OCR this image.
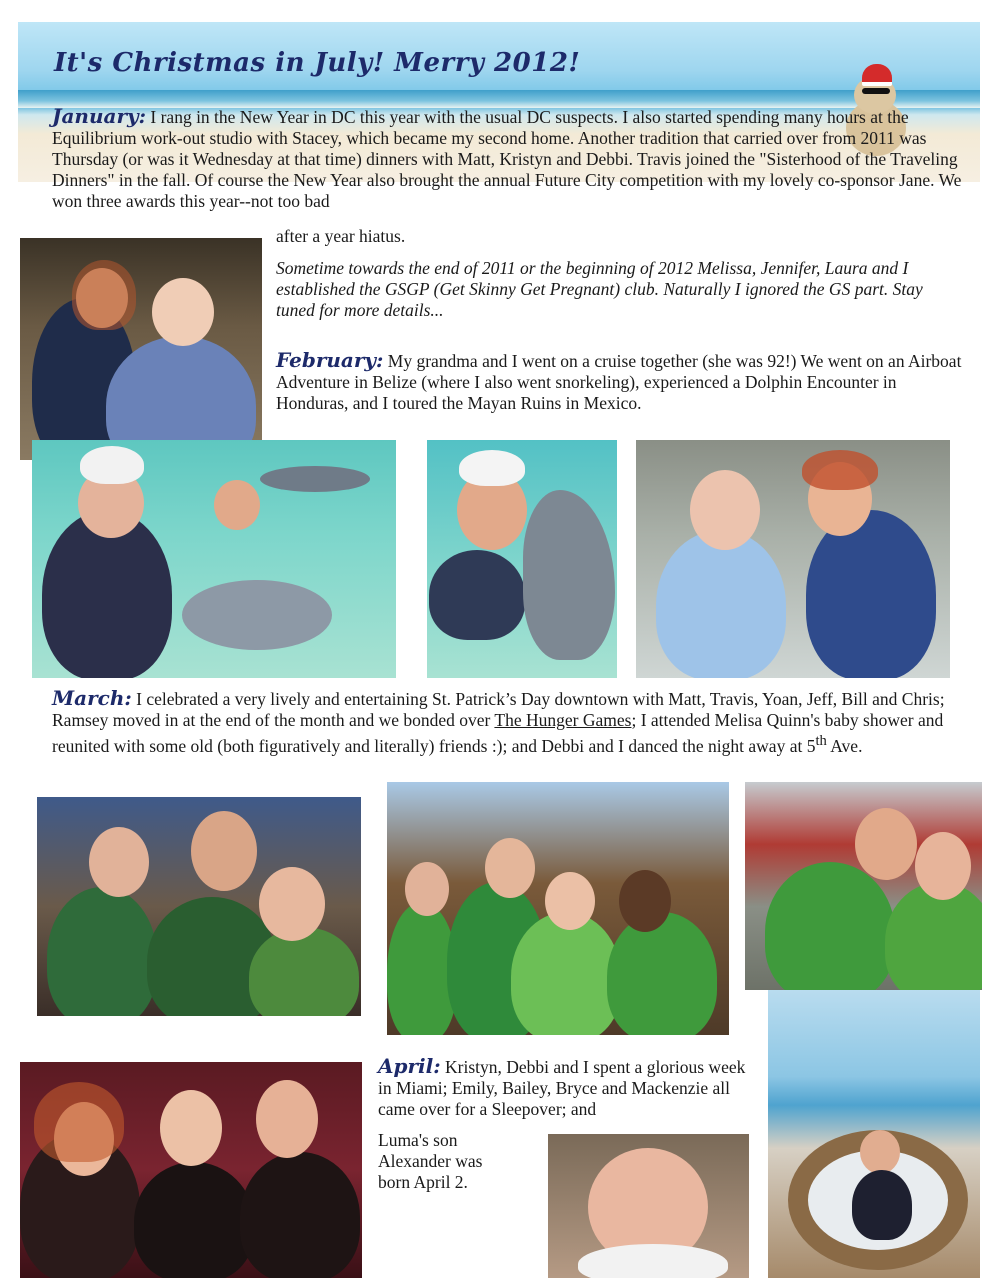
It's Christmas in July! Merry 2012!

January: I rang in the New Year in DC this year with the usual DC suspects. I also started spending many hours at the Equilibrium work-out studio with Stacey, which became my second home. Another tradition that carried over from 2011 was Thursday (or was it Wednesday at that time) dinners with Matt, Kristyn and Debbi. Travis joined the "Sisterhood of the Traveling Dinners" in the fall. Of course the New Year also brought the annual Future City competition with my lovely co-sponsor Jane. We won three awards this year--not too bad

after a year hiatus.

Sometime towards the end of 2011 or the beginning of 2012 Melissa, Jennifer, Laura and I established the GSGP (Get Skinny Get Pregnant) club. Naturally I ignored the GS part. Stay tuned for more details...

February: My grandma and I went on a cruise together (she was 92!) We went on an Airboat Adventure in Belize (where I also went snorkeling), experienced a Dolphin Encounter in Honduras, and I toured the Mayan Ruins in Mexico.

March: I celebrated a very lively and entertaining St. Patrick’s Day downtown with Matt, Travis, Yoan, Jeff, Bill and Chris; Ramsey moved in at the end of the month and we bonded over The Hunger Games; I attended Melisa Quinn's baby shower and reunited with some old (both figuratively and literally) friends :); and Debbi and I danced the night away at 5th Ave.

April: Kristyn, Debbi and I spent a glorious week in Miami; Emily, Bailey, Bryce and Mackenzie all came over for a Sleepover; and

Luma's son
Alexander was
born April 2.
